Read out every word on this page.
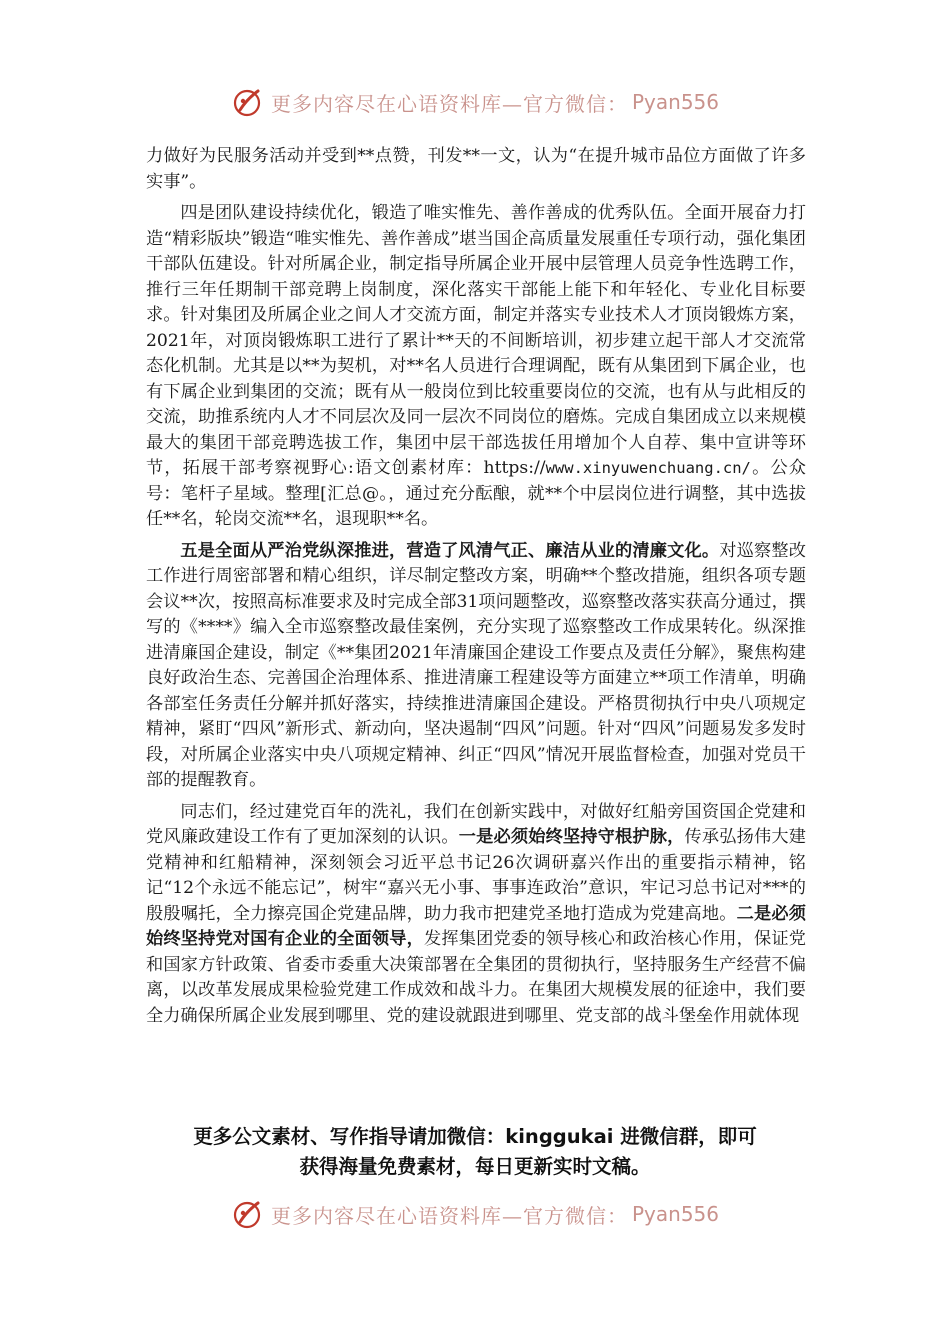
更多内容尽在心语资料库—官方微信： Pyan556

力做好为民服务活动并受到**点赞，刊发**一文，认为“在提升城市品位方面做了许多实事”。

四是团队建设持续优化，锻造了唯实惟先、善作善成的优秀队伍。全面开展奋力打造“精彩版块”锻造“唯实惟先、善作善成”堪当国企高质量发展重任专项行动，强化集团干部队伍建设。针对所属企业，制定指导所属企业开展中层管理人员竞争性选聘工作，推行三年任期制干部竞聘上岗制度，深化落实干部能上能下和年轻化、专业化目标要求。针对集团及所属企业之间人才交流方面，制定并落实专业技术人才顶岗锻炼方案，2021年，对顶岗锻炼职工进行了累计**天的不间断培训，初步建立起干部人才交流常态化机制。尤其是以**为契机，对**名人员进行合理调配，既有从集团到下属企业，也有下属企业到集团的交流；既有从一般岗位到比较重要岗位的交流，也有从与此相反的交流，助推系统内人才不同层次及同一层次不同岗位的磨炼。完成自集团成立以来规模最大的集团干部竞聘选拔工作，集团中层干部选拔任用增加个人自荐、集中宣讲等环节，拓展干部考察视野心:语文创素材库：https://www.xinyuwenchuang.cn/。公众号：笔杆子星域。整理[汇总@。，通过充分酝酿，就**个中层岗位进行调整，其中选拔任**名，轮岗交流**名，退现职**名。

五是全面从严治党纵深推进，营造了风清气正、廉洁从业的清廉文化。对巡察整改工作进行周密部署和精心组织，详尽制定整改方案，明确**个整改措施，组织各项专题会议**次，按照高标准要求及时完成全部31项问题整改，巡察整改落实获高分通过，撰写的《****》编入全市巡察整改最佳案例，充分实现了巡察整改工作成果转化。纵深推进清廉国企建设，制定《**集团2021年清廉国企建设工作要点及责任分解》，聚焦构建良好政治生态、完善国企治理体系、推进清廉工程建设等方面建立**项工作清单，明确各部室任务责任分解并抓好落实，持续推进清廉国企建设。严格贯彻执行中央八项规定精神，紧盯“四风”新形式、新动向，坚决遏制“四风”问题。针对“四风”问题易发多发时段，对所属企业落实中央八项规定精神、纠正“四风”情况开展监督检查，加强对党员干部的提醒教育。

同志们，经过建党百年的洗礼，我们在创新实践中，对做好红船旁国资国企党建和党风廉政建设工作有了更加深刻的认识。一是必须始终坚持守根护脉，传承弘扬伟大建党精神和红船精神，深刻领会习近平总书记26次调研嘉兴作出的重要指示精神，铭记“12个永远不能忘记”，树牢“嘉兴无小事、事事连政治”意识，牢记习总书记对***的殷殷嘱托，全力擦亮国企党建品牌，助力我市把建党圣地打造成为党建高地。二是必须始终坚持党对国有企业的全面领导，发挥集团党委的领导核心和政治核心作用，保证党和国家方针政策、省委市委重大决策部署在全集团的贯彻执行，坚持服务生产经营不偏离，以改革发展成果检验党建工作成效和战斗力。在集团大规模发展的征途中，我们要全力确保所属企业发展到哪里、党的建设就跟进到哪里、党支部的战斗堡垒作用就体现

更多公文素材、写作指导请加微信：kinggukai 进微信群，即可
获得海量免费素材，每日更新实时文稿。
更多内容尽在心语资料库—官方微信： Pyan556
